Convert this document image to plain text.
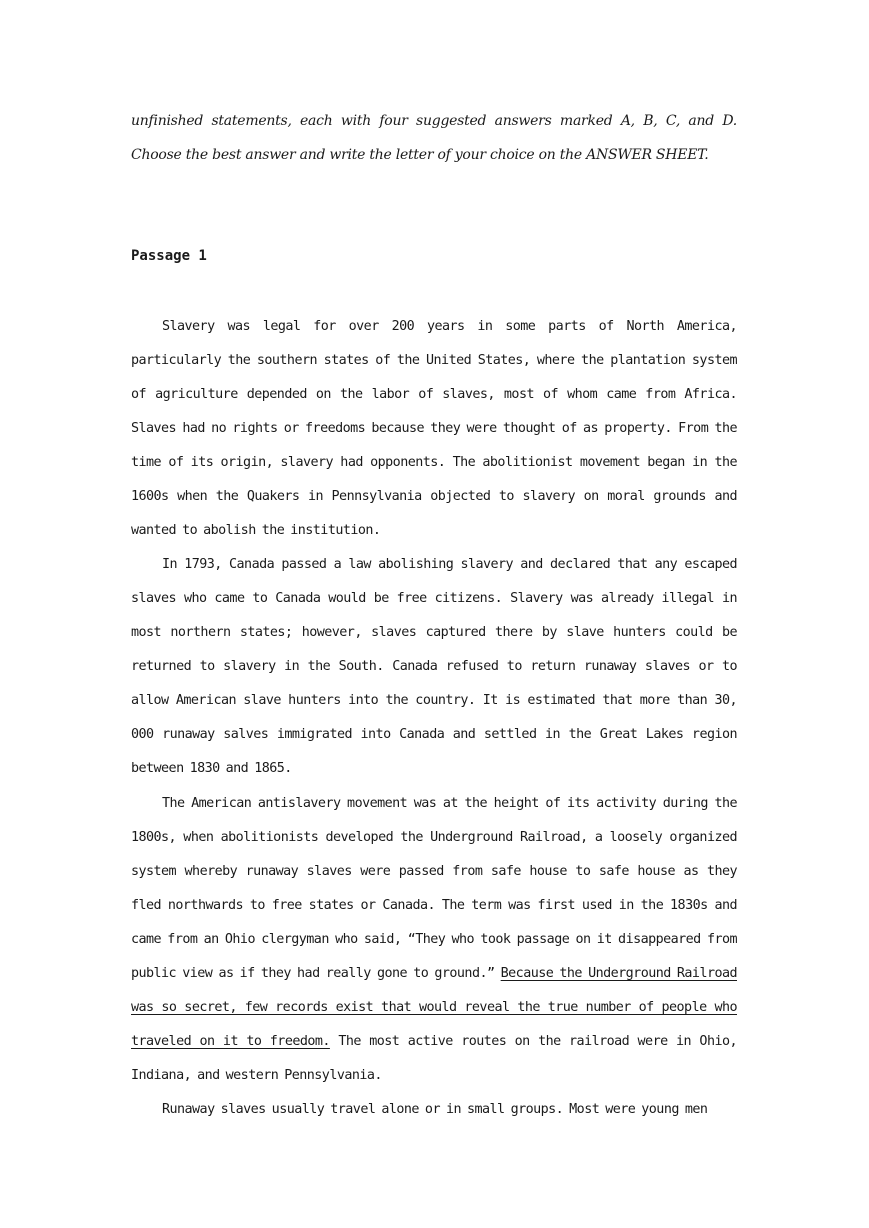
unfinished statements, each with four suggested answers marked A, B, C, and D. Choose the best answer and write the letter of your choice on the ANSWER SHEET.

Passage 1

Slavery was legal for over 200 years in some parts of North America, particularly the southern states of the United States, where the plantation system of agriculture depended on the labor of slaves, most of whom came from Africa. Slaves had no rights or freedoms because they were thought of as property. From the time of its origin, slavery had opponents. The abolitionist movement began in the 1600s when the Quakers in Pennsylvania objected to slavery on moral grounds and wanted to abolish the institution.

In 1793, Canada passed a law abolishing slavery and declared that any escaped slaves who came to Canada would be free citizens. Slavery was already illegal in most northern states; however, slaves captured there by slave hunters could be returned to slavery in the South. Canada refused to return runaway slaves or to allow American slave hunters into the country. It is estimated that more than 30, 000 runaway salves immigrated into Canada and settled in the Great Lakes region between 1830 and 1865.

The American antislavery movement was at the height of its activity during the 1800s, when abolitionists developed the Underground Railroad, a loosely organized system whereby runaway slaves were passed from safe house to safe house as they fled northwards to free states or Canada. The term was first used in the 1830s and came from an Ohio clergyman who said, “They who took passage on it disappeared from public view as if they had really gone to ground.” Because the Underground Railroad was so secret, few records exist that would reveal the true number of people who traveled on it to freedom. The most active routes on the railroad were in Ohio, Indiana, and western Pennsylvania.

Runaway slaves usually travel alone or in small groups. Most were young men
